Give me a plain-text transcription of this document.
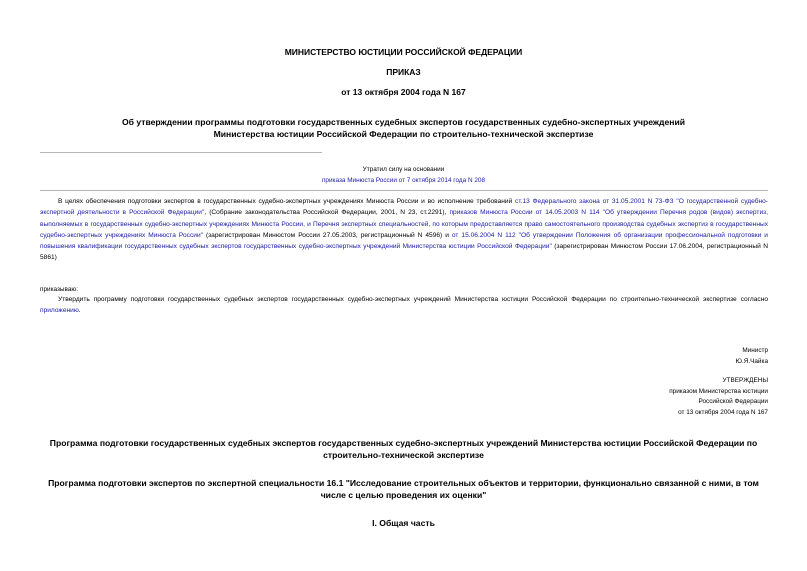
МИНИСТЕРСТВО ЮСТИЦИИ РОССИЙСКОЙ ФЕДЕРАЦИИ
ПРИКАЗ
от 13 октября 2004 года N 167
Об утверждении программы подготовки государственных судебных экспертов государственных судебно-экспертных учреждений Министерства юстиции Российской Федерации по строительно-технической экспертизе
Утратил силу на основании
приказа Минюста России от 7 октября 2014 года N 208
В целях обеспечения подготовки экспертов в государственных судебно-экспертных учреждениях Минюста России и во исполнение требований ст.13 Федерального закона от 31.05.2001 N 73-ФЗ "О государственной судебно-экспертной деятельности в Российской Федерации", (Собрание законодательства Российской Федерации, 2001, N 23, ст.2291), приказов Минюста России от 14.05.2003 N 114 "Об утверждении Перечня родов (видов) экспертиз, выполняемых в государственных судебно-экспертных учреждениях Минюста России, и Перечня экспертных специальностей, по которым предоставляется право самостоятельного производства судебных экспертиз в государственных судебно-экспертных учреждениях Минюста России" (зарегистрирован Минюстом России 27.05.2003, регистрационный N 4596) и от 15.06.2004 N 112 "Об утверждении Положения об организации профессиональной подготовки и повышения квалификации государственных судебных экспертов государственных судебно-экспертных учреждений Министерства юстиции Российской Федерации" (зарегистрирован Минюстом России 17.06.2004, регистрационный N 5861)
приказываю:
Утвердить программу подготовки государственных судебных экспертов государственных судебно-экспертных учреждений Министерства юстиции Российской Федерации по строительно-технической экспертизе согласно приложению.
Министр
Ю.Я.Чайка
УТВЕРЖДЕНЫ
приказом Министерства юстиции
Российской Федерации
от 13 октября 2004 года N 167
Программа подготовки государственных судебных экспертов государственных судебно-экспертных учреждений Министерства юстиции Российской Федерации по строительно-технической экспертизе
Программа подготовки экспертов по экспертной специальности 16.1 "Исследование строительных объектов и территории, функционально связанной с ними, в том числе с целью проведения их оценки"
I. Общая часть
